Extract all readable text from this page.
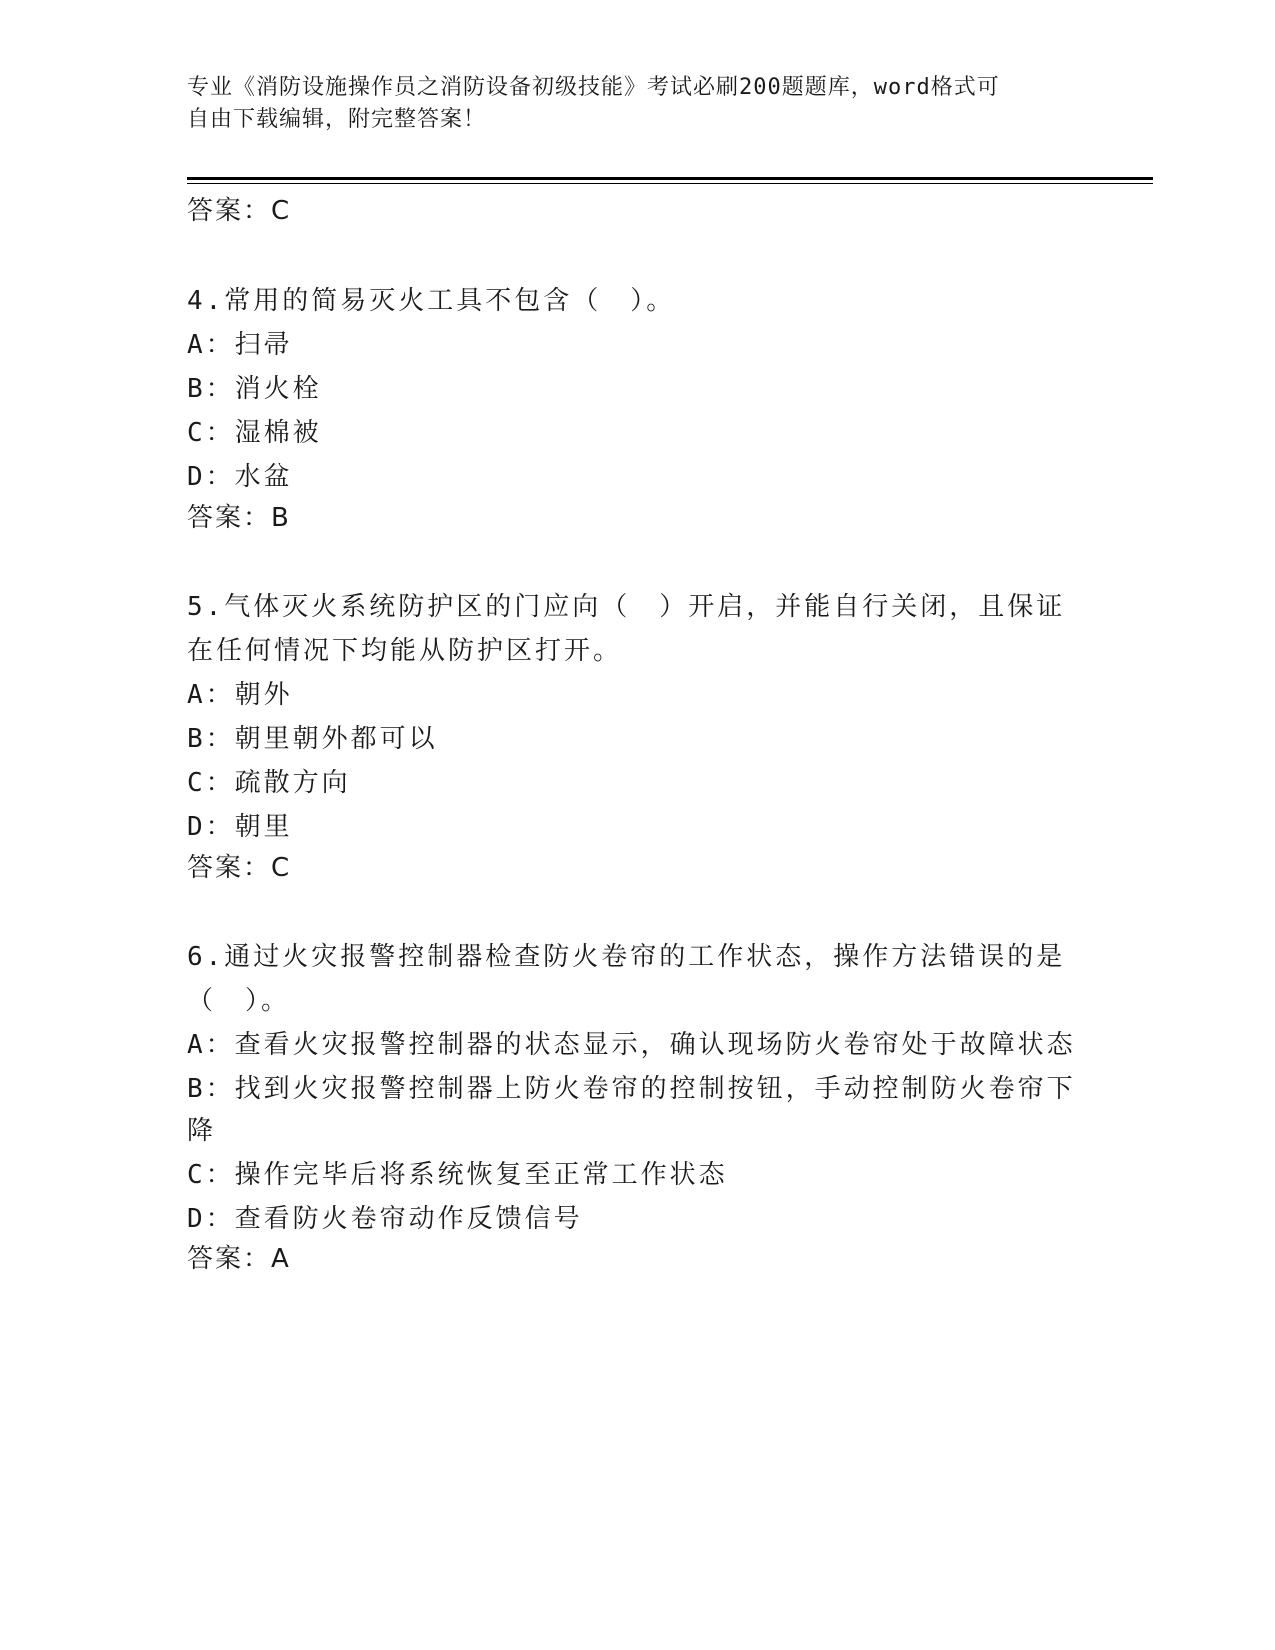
专业《消防设施操作员之消防设备初级技能》考试必刷200题题库，word格式可
自由下载编辑，附完整答案！
答案：C
4.常用的简易灭火工具不包含（　）。
A：扫帚
B：消火栓
C：湿棉被
D：水盆
答案：B
5.气体灭火系统防护区的门应向（　）开启，并能自行关闭，且保证
在任何情况下均能从防护区打开。
A：朝外
B：朝里朝外都可以
C：疏散方向
D：朝里
答案：C
6.通过火灾报警控制器检查防火卷帘的工作状态，操作方法错误的是
（　）。
A：查看火灾报警控制器的状态显示，确认现场防火卷帘处于故障状态
B：找到火灾报警控制器上防火卷帘的控制按钮，手动控制防火卷帘下
降
C：操作完毕后将系统恢复至正常工作状态
D：查看防火卷帘动作反馈信号
答案：A
